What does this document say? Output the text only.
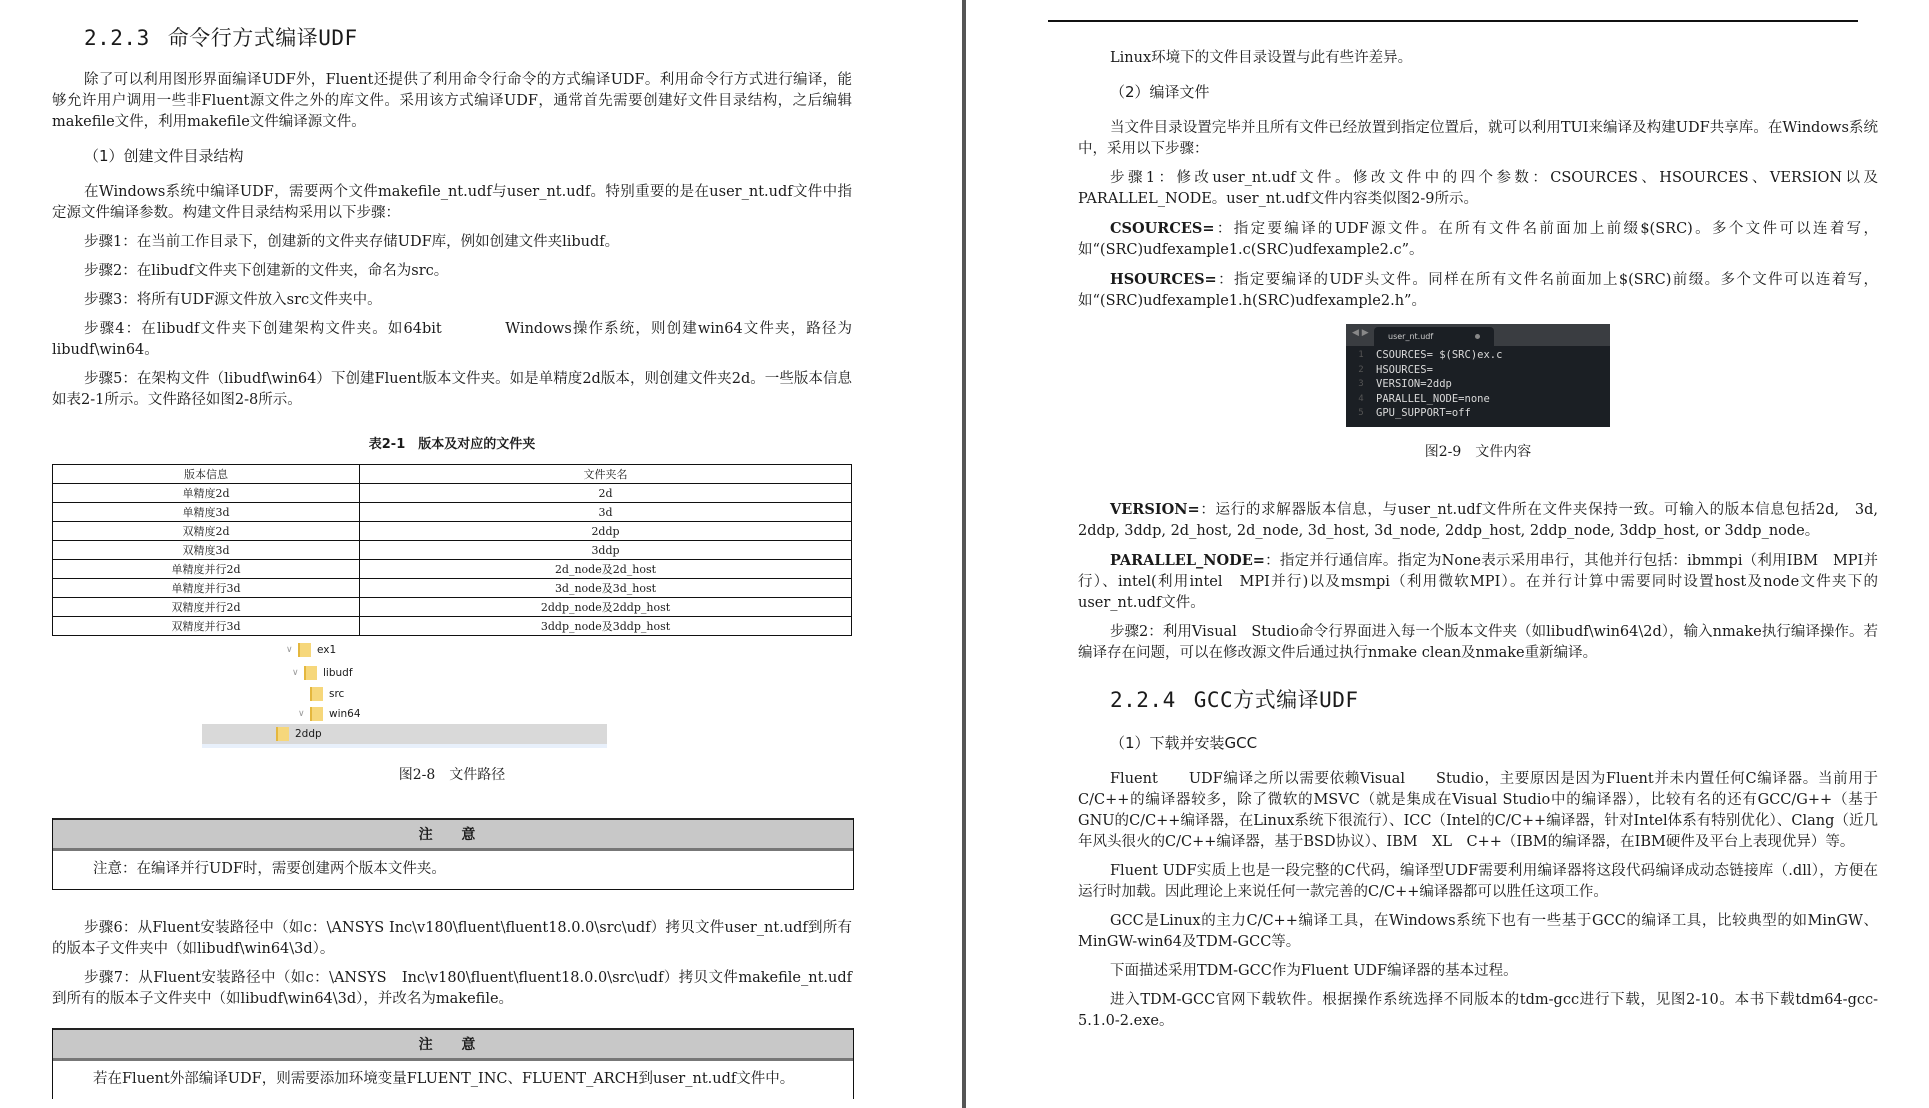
2.2.3 命令行方式编译UDF

除了可以利用图形界面编译UDF外，Fluent还提供了利用命令行命令的方式编译UDF。利用命令行方式进行编译，能够允许用户调用一些非Fluent源文件之外的库文件。采用该方式编译UDF，通常首先需要创建好文件目录结构，之后编辑makefile文件，利用makefile文件编译源文件。

（1）创建文件目录结构

在Windows系统中编译UDF，需要两个文件makefile_nt.udf与user_nt.udf。特别重要的是在user_nt.udf文件中指定源文件编译参数。构建文件目录结构采用以下步骤：

步骤1：在当前工作目录下，创建新的文件夹存储UDF库，例如创建文件夹libudf。

步骤2：在libudf文件夹下创建新的文件夹，命名为src。

步骤3：将所有UDF源文件放入src文件夹中。

步骤4：在libudf文件夹下创建架构文件夹。如64bit　　　　Windows操作系统，则创建win64文件夹，路径为libudf\win64。

步骤5：在架构文件（libudf\win64）下创建Fluent版本文件夹。如是单精度2d版本，则创建文件夹2d。一些版本信息如表2-1所示。文件路径如图2-8所示。

表2-1　版本及对应的文件夹
版本信息	文件夹名
单精度2d	2d
单精度3d	3d
双精度2d	2ddp
双精度3d	3ddp
单精度并行2d	2d_node及2d_host
单精度并行3d	3d_node及3d_host
双精度并行2d	2ddp_node及2ddp_host
双精度并行3d	3ddp_node及3ddp_host
∨	ex1
∨	libudf
src
∨	win64
2ddp
图2-8　文件路径
注 意
注意：在编译并行UDF时，需要创建两个版本文件夹。

步骤6：从Fluent安装路径中（如c：\ANSYS Inc\v180\fluent\fluent18.0.0\src\udf）拷贝文件user_nt.udf到所有的版本子文件夹中（如libudf\win64\3d）。

步骤7：从Fluent安装路径中（如c：\ANSYS　Inc\v180\fluent\fluent18.0.0\src\udf）拷贝文件makefile_nt.udf到所有的版本子文件夹中（如libudf\win64\3d），并改名为makefile。

注 意
若在Fluent外部编译UDF，则需要添加环境变量FLUENT_INC、FLUENT_ARCH到user_nt.udf文件中。

Linux环境下的文件目录设置与此有些许差异。

（2）编译文件

当文件目录设置完毕并且所有文件已经放置到指定位置后，就可以利用TUI来编译及构建UDF共享库。在Windows系统中，采用以下步骤：

步骤1：修改user_nt.udf文件。修改文件中的四个参数：CSOURCES、HSOURCES、VERSION以及PARALLEL_NODE。user_nt.udf文件内容类似图2-9所示。

CSOURCES=：指定要编译的UDF源文件。在所有文件名前面加上前缀$(SRC)。多个文件可以连着写，如“(SRC)udfexample1.c(SRC)udfexample2.c”。

HSOURCES=：指定要编译的UDF头文件。同样在所有文件名前面加上$(SRC)前缀。多个文件可以连着写，如“(SRC)udfexample1.h(SRC)udfexample2.h”。

◀ ▶	user_nt.udf
1	CSOURCES= $(SRC)ex.c
2	HSOURCES=
3	VERSION=2ddp
4	PARALLEL_NODE=none
5	GPU_SUPPORT=off
图2-9　文件内容

VERSION=：运行的求解器版本信息，与user_nt.udf文件所在文件夹保持一致。可输入的版本信息包括2d,　3d, 2ddp, 3ddp, 2d_host, 2d_node, 3d_host, 3d_node, 2ddp_host, 2ddp_node, 3ddp_host, or 3ddp_node。

PARALLEL_NODE=：指定并行通信库。指定为None表示采用串行，其他并行包括：ibmmpi（利用IBM　MPI并行）、intel(利用intel　MPI并行)以及msmpi（利用微软MPI）。在并行计算中需要同时设置host及node文件夹下的user_nt.udf文件。

步骤2：利用Visual　Studio命令行界面进入每一个版本文件夹（如libudf\win64\2d），输入nmake执行编译操作。若编译存在问题，可以在修改源文件后通过执行nmake clean及nmake重新编译。

2.2.4 GCC方式编译UDF
（1）下载并安装GCC

Fluent　　UDF编译之所以需要依赖Visual　　Studio，主要原因是因为Fluent并未内置任何C编译器。当前用于C/C++的编译器较多，除了微软的MSVC（就是集成在Visual Studio中的编译器），比较有名的还有GCC/G++（基于GNU的C/C++编译器，在Linux系统下很流行）、ICC（Intel的C/C++编译器，针对Intel体系有特别优化）、Clang（近几年风头很火的C/C++编译器，基于BSD协议）、IBM　XL　C++（IBM的编译器，在IBM硬件及平台上表现优异）等。

Fluent UDF实质上也是一段完整的C代码，编译型UDF需要利用编译器将这段代码编译成动态链接库（.dll），方便在运行时加载。因此理论上来说任何一款完善的C/C++编译器都可以胜任这项工作。

GCC是Linux的主力C/C++编译工具，在Windows系统下也有一些基于GCC的编译工具，比较典型的如MinGW、MinGW-win64及TDM-GCC等。

下面描述采用TDM-GCC作为Fluent UDF编译器的基本过程。

进入TDM-GCC官网下载软件。根据操作系统选择不同版本的tdm-gcc进行下载，见图2-10。本书下载tdm64-gcc-5.1.0-2.exe。
